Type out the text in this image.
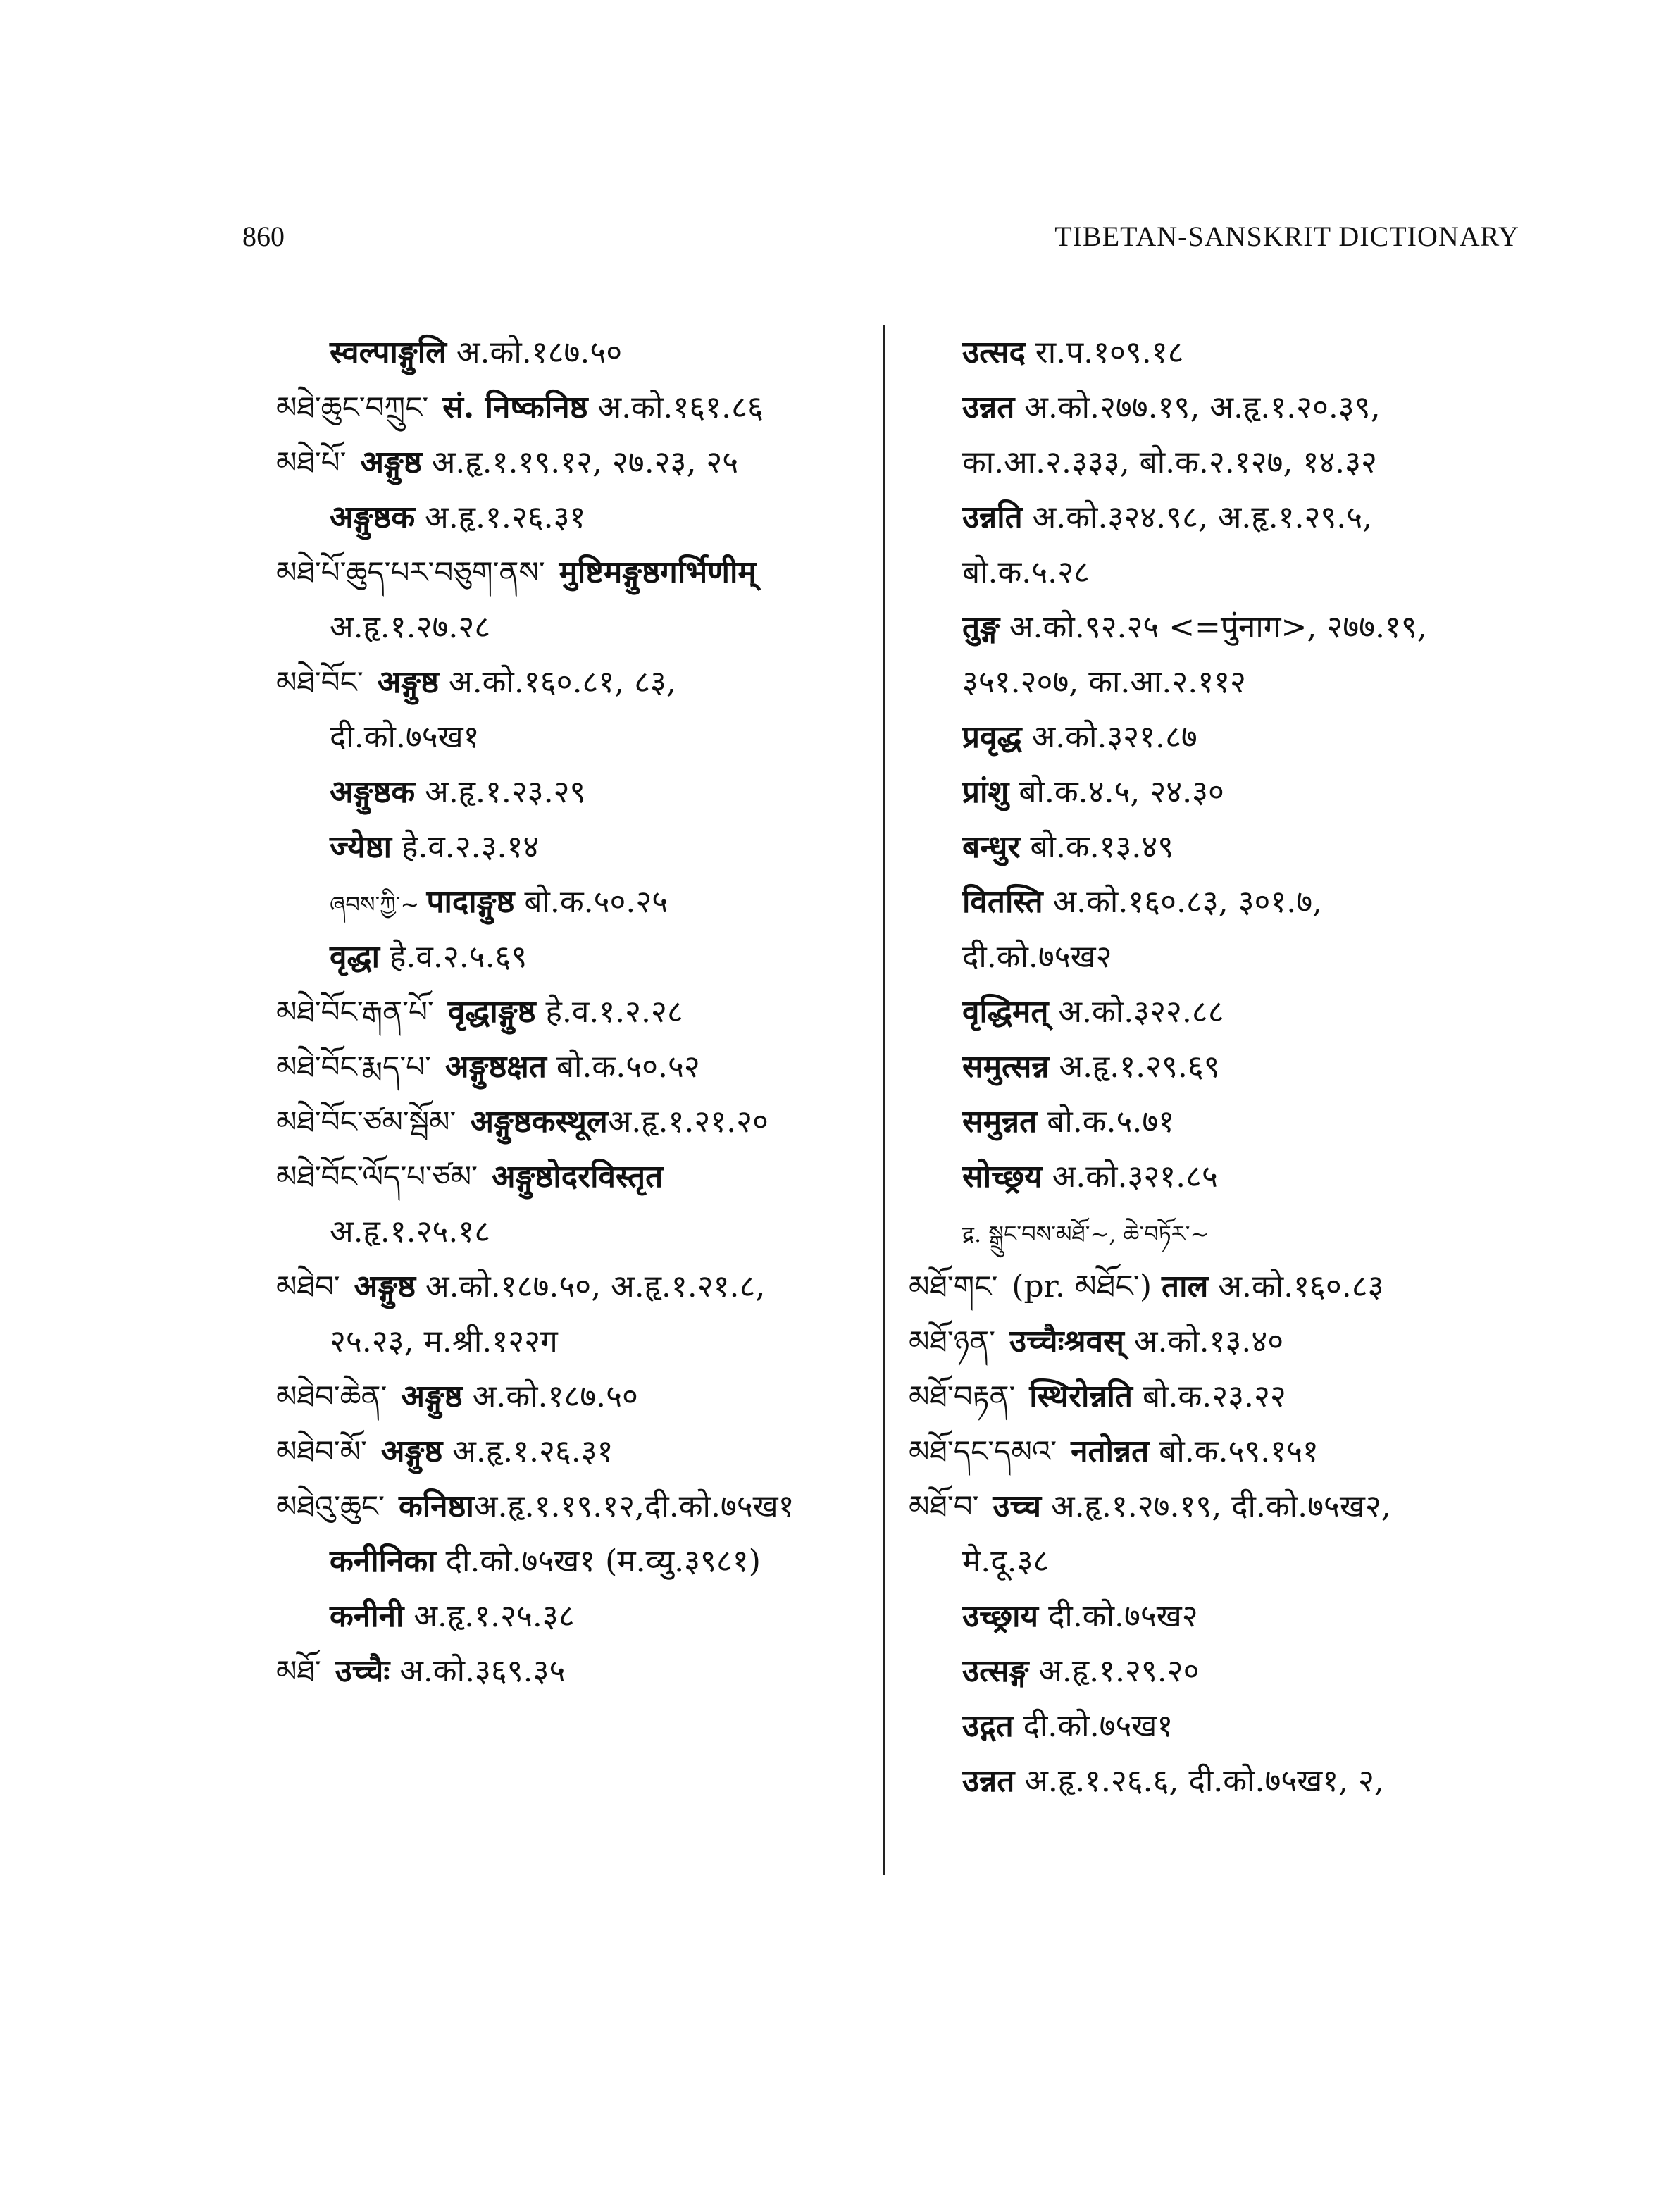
860	TIBETAN-SANSKRIT DICTIONARY
स्वल्पाङ्गुलि अ.को.१८७.५०
མཐེ་ཆུང་བཀྲུང་ सं. निष्कनिष्ठ अ.को.१६१.८६
མཐེ་པོ་ अङ्गुष्ठ अ.हृ.१.१९.१२, २७.२३, २५
अङ्गुष्ठक अ.हृ.१.२६.३१
མཐེ་པོ་ཆུད་པར་བཅུག་ནས་ मुष्टिमङ्गुष्ठगर्भिणीम्
अ.हृ.१.२७.२८
མཐེ་བོང་ अङ्गुष्ठ अ.को.१६०.८१, ८३,
दी.को.७५ख१
अङ्गुष्ठक अ.हृ.१.२३.२९
ज्येष्ठा हे.व.२.३.१४
ཞབས་ཀྱི་~ पादाङ्गुष्ठ बो.क.५०.२५
वृद्धा हे.व.२.५.६९
མཐེ་བོང་རྒན་པོ་ वृद्धाङ्गुष्ठ हे.व.१.२.२८
མཐེ་བོང་རྨད་པ་ अङ्गुष्ठक्षत बो.क.५०.५२
མཐེ་བོང་ཙམ་སྦོམ་ अङ्गुष्ठकस्थूलअ.हृ.१.२१.२०
མཐེ་བོང་ལོད་པ་ཙམ་ अङ्गुष्ठोदरविस्तृत
अ.हृ.१.२५.१८
མཐེབ་ अङ्गुष्ठ अ.को.१८७.५०, अ.हृ.१.२१.८,
२५.२३, म.श्री.१२२ग
མཐེབ་ཆེན་ अङ्गुष्ठ अ.को.१८७.५०
མཐེབ་མོ་ अङ्गुष्ठ अ.हृ.१.२६.३१
མཐེའུ་ཆུང་ कनिष्ठाअ.हृ.१.१९.१२,दी.को.७५ख१
कनीनिका दी.को.७५ख१ (म.व्यु.३९८१)
कनीनी अ.हृ.१.२५.३८
མཐོ་ उच्चैः अ.को.३६९.३५
उत्सद रा.प.१०९.१८
उन्नत अ.को.२७७.१९, अ.हृ.१.२०.३९,
का.आ.२.३३३, बो.क.२.१२७, १४.३२
उन्नति अ.को.३२४.९८, अ.हृ.१.२९.५,
बो.क.५.२८
तुङ्ग अ.को.९२.२५ <=पुंनाग>, २७७.१९,
३५१.२०७, का.आ.२.११२
प्रवृद्ध अ.को.३२१.८७
प्रांशु बो.क.४.५, २४.३०
बन्धुर बो.क.१३.४९
वितस्ति अ.को.१६०.८३, ३०१.७,
दी.को.७५ख२
वृद्धिमत् अ.को.३२२.८८
समुत्सन्न अ.हृ.१.२९.६९
समुन्नत बो.क.५.७१
सोच्छ्रय अ.को.३२१.८५
द्र. སྒྲུང་བས་མཐོ་~, ཆེ་བཏོར་~
མཐོ་གང་ (pr. མཐོང་) ताल अ.को.१६०.८३
མཐོ་ཉན་ उच्चैःश्रवस् अ.को.१३.४०
མཐོ་བརྟན་ स्थिरोन्नति बो.क.२३.२२
མཐོ་དང་དམའ་ नतोन्नत बो.क.५९.१५१
མཐོ་བ་ उच्च अ.हृ.१.२७.१९, दी.को.७५ख२,
मे.दू.३८
उच्छ्राय दी.को.७५ख२
उत्सङ्ग अ.हृ.१.२९.२०
उद्गत दी.को.७५ख१
उन्नत अ.हृ.१.२६.६, दी.को.७५ख१, २,
